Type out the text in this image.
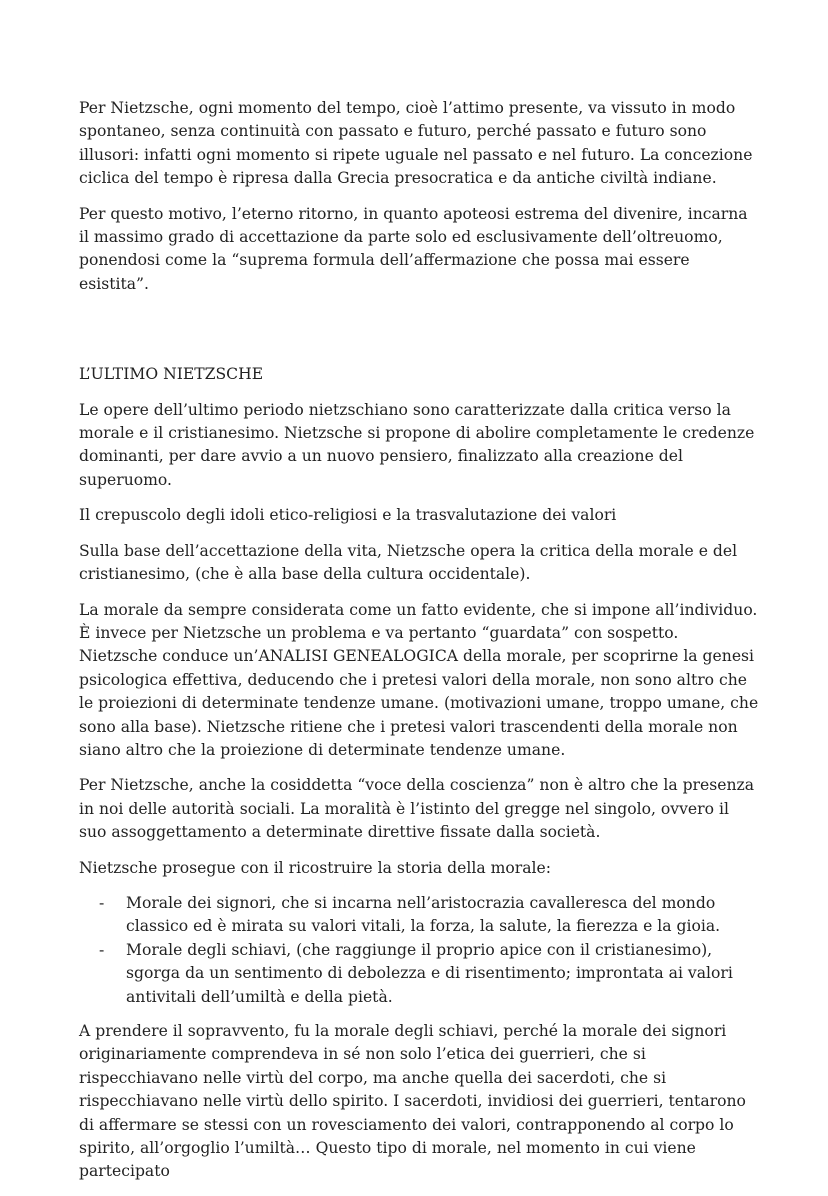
Per Nietzsche, ogni momento del tempo, cioè l’attimo presente, va vissuto in modo spontaneo, senza continuità con passato e futuro, perché passato e futuro sono illusori: infatti ogni momento si ripete uguale nel passato e nel futuro. La concezione ciclica del tempo è ripresa dalla Grecia presocratica e da antiche civiltà indiane.

Per questo motivo, l’eterno ritorno, in quanto apoteosi estrema del divenire, incarna il massimo grado di accettazione da parte solo ed esclusivamente dell’oltreuomo, ponendosi come la “suprema formula dell’affermazione che possa mai essere esistita”.

L’ULTIMO NIETZSCHE

Le opere dell’ultimo periodo nietzschiano sono caratterizzate dalla critica verso la morale e il cristianesimo. Nietzsche si propone di abolire completamente le credenze dominanti, per dare avvio a un nuovo pensiero, finalizzato alla creazione del superuomo.

Il crepuscolo degli idoli etico-religiosi e la trasvalutazione dei valori

Sulla base dell’accettazione della vita, Nietzsche opera la critica della morale e del cristianesimo, (che è alla base della cultura occidentale).

La morale da sempre considerata come un fatto evidente, che si impone all’individuo. È invece per Nietzsche un problema e va pertanto “guardata” con sospetto. Nietzsche conduce un’ANALISI GENEALOGICA della morale, per scoprirne la genesi psicologica effettiva, deducendo che i pretesi valori della morale, non sono altro che le proiezioni di determinate tendenze umane. (motivazioni umane, troppo umane, che sono alla base). Nietzsche ritiene che i pretesi valori trascendenti della morale non siano altro che la proiezione di determinate tendenze umane.

Per Nietzsche, anche la cosiddetta “voce della coscienza” non è altro che la presenza in noi delle autorità sociali. La moralità è l’istinto del gregge nel singolo, ovvero il suo assoggettamento a determinate direttive fissate dalla società.

Nietzsche prosegue con il ricostruire la storia della morale:

- Morale dei signori, che si incarna nell’aristocrazia cavalleresca del mondo classico ed è mirata su valori vitali, la forza, la salute, la fierezza e la gioia.
- Morale degli schiavi, (che raggiunge il proprio apice con il cristianesimo), sgorga da un sentimento di debolezza e di risentimento; improntata ai valori antivitali dell’umiltà e della pietà.

A prendere il sopravvento, fu la morale degli schiavi, perché la morale dei signori originariamente comprendeva in sé non solo l’etica dei guerrieri, che si rispecchiavano nelle virtù del corpo, ma anche quella dei sacerdoti, che si rispecchiavano nelle virtù dello spirito. I sacerdoti, invidiosi dei guerrieri, tentarono di affermare se stessi con un rovesciamento dei valori, contrapponendo al corpo lo spirito, all’orgoglio l’umiltà… Questo tipo di morale, nel momento in cui viene partecipato
